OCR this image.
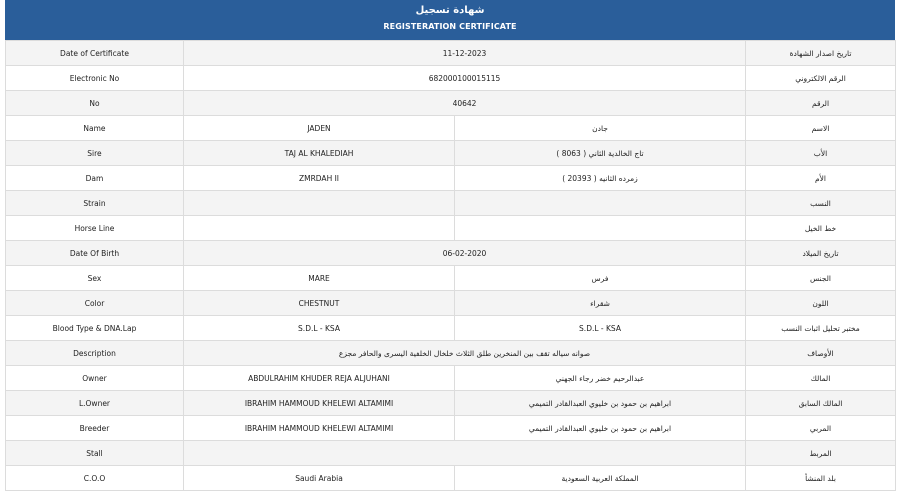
شهادة تسجيل
REGISTERATION CERTIFICATE
Date of Certificate	11-12-2023		تاريخ اصدار الشهادة
Electronic No	682000100015115		الرقم الالكتروني
No	40642		الرقم
Name	JADEN	جادن	الاسم
Sire	TAJ AL KHALEDIAH	تاج الخالدية الثاني ( 8063 )	الأب
Dam	ZMRDAH II	زمرده الثانيه ( 20393 )	الأم
Strain			النسب
Horse Line			خط الخيل
Date Of Birth	06-02-2020		تاريخ الميلاد
Sex	MARE	فرس	الجنس
Color	CHESTNUT	شقراء	اللون
Blood Type & DNA.Lap	S.D.L - KSA	S.D.L - KSA	مختبر تحليل اثبات النسب
Description	صوانه سياله تقف بين المنخرين طلق الثلاث خلخال الخلفية اليسرى والحافر مجزع		الأوصاف
Owner	ABDULRAHIM KHUDER REJA ALJUHANI	عبدالرحيم خضر رجاء الجهني	المالك
L.Owner	IBRAHIM HAMMOUD KHELEWI ALTAMIMI	ابراهيم بن حمود بن خليوي العبدالقادر التميمي	المالك السابق
Breeder	IBRAHIM HAMMOUD KHELEWI ALTAMIMI	ابراهيم بن حمود بن خليوي العبدالقادر التميمي	المربي
Stall			المربط
C.O.O	Saudi Arabia	المملكة العربية السعودية	بلد المنشأ
